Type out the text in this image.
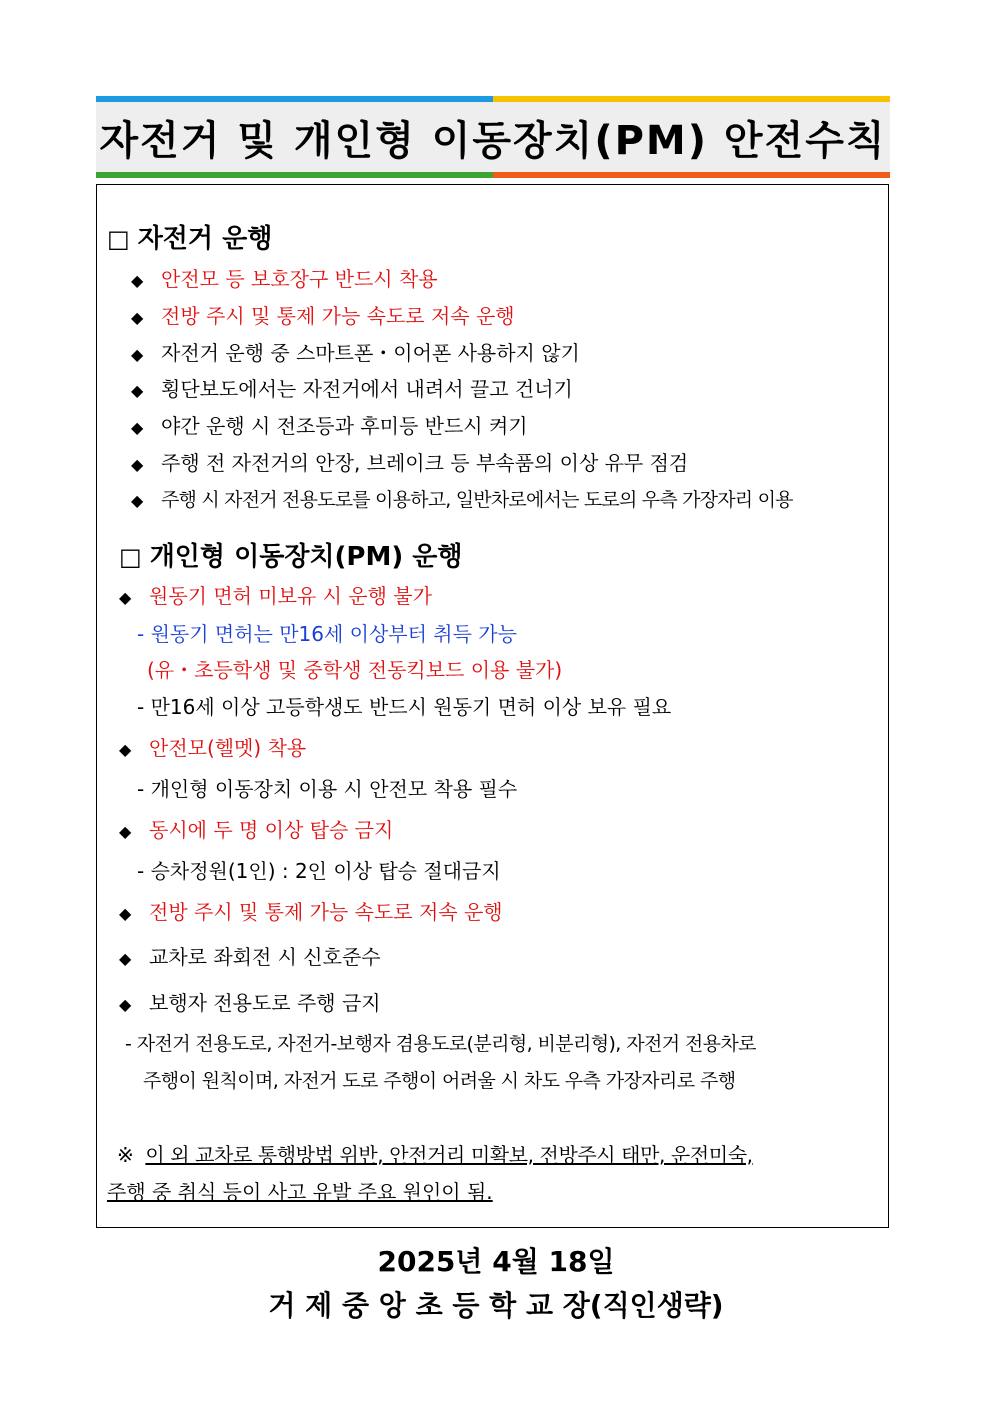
자전거 및 개인형 이동장치(PM) 안전수칙
□ 자전거 운행
◆ 안전모 등 보호장구 반드시 착용
◆ 전방 주시 및 통제 가능 속도로 저속 운행
◆ 자전거 운행 중 스마트폰・이어폰 사용하지 않기
◆ 횡단보도에서는 자전거에서 내려서 끌고 건너기
◆ 야간 운행 시 전조등과 후미등 반드시 켜기
◆ 주행 전 자전거의 안장, 브레이크 등 부속품의 이상 유무 점검
◆ 주행 시 자전거 전용도로를 이용하고, 일반차로에서는 도로의 우측 가장자리 이용
□ 개인형 이동장치(PM) 운행
◆ 원동기 면허 미보유 시 운행 불가
- 원동기 면허는 만16세 이상부터 취득 가능
(유・초등학생 및 중학생 전동킥보드 이용 불가)
- 만16세 이상 고등학생도 반드시 원동기 면허 이상 보유 필요
◆ 안전모(헬멧) 착용
- 개인형 이동장치 이용 시 안전모 착용 필수
◆ 동시에 두 명 이상 탑승 금지
- 승차정원(1인) : 2인 이상 탑승 절대금지
◆ 전방 주시 및 통제 가능 속도로 저속 운행
◆ 교차로 좌회전 시 신호준수
◆ 보행자 전용도로 주행 금지
- 자전거 전용도로, 자전거-보행자 겸용도로(분리형, 비분리형), 자전거 전용차로
주행이 원칙이며, 자전거 도로 주행이 어려울 시 차도 우측 가장자리로 주행
※ 이 외 교차로 통행방법 위반, 안전거리 미확보, 전방주시 태만, 운전미숙,
주행 중 취식 등이 사고 유발 주요 원인이 됨.
2025년 4월 18일
거 제 중 앙 초 등 학 교 장(직인생략)
